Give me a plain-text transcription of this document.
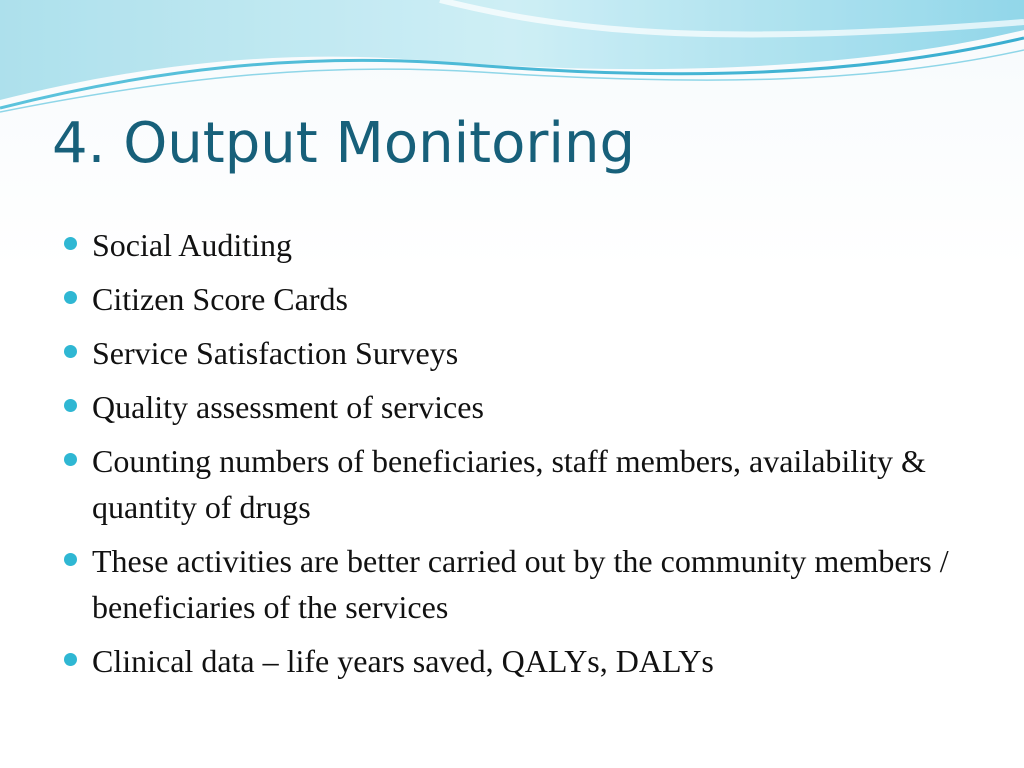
4. Output Monitoring
Social Auditing
Citizen Score Cards
Service Satisfaction Surveys
Quality assessment of services
Counting numbers of beneficiaries, staff members, availability & quantity of drugs
These activities are better carried out by the community members / beneficiaries of the services
Clinical data – life years saved, QALYs, DALYs
